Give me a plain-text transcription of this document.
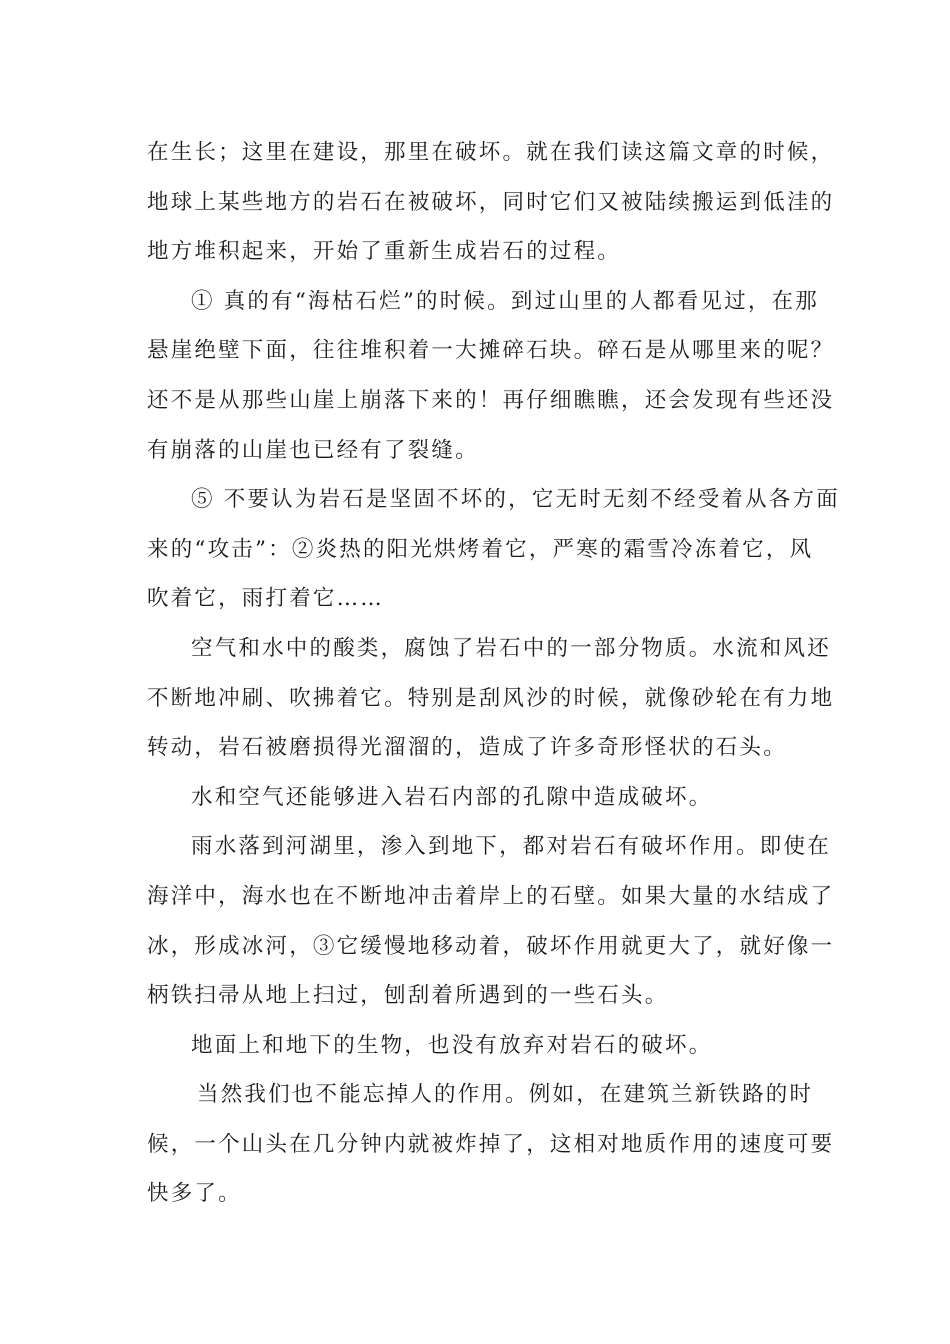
在生长；这里在建设，那里在破坏。就在我们读这篇文章的时候，
地球上某些地方的岩石在被破坏，同时它们又被陆续搬运到低洼的
地方堆积起来，开始了重新生成岩石的过程。
① 真的有“海枯石烂”的时候。到过山里的人都看见过，在那
悬崖绝壁下面，往往堆积着一大摊碎石块。碎石是从哪里来的呢？
还不是从那些山崖上崩落下来的！再仔细瞧瞧，还会发现有些还没
有崩落的山崖也已经有了裂缝。
⑤ 不要认为岩石是坚固不坏的，它无时无刻不经受着从各方面
来的“攻击”：②炎热的阳光烘烤着它，严寒的霜雪冷冻着它，风
吹着它，雨打着它……
空气和水中的酸类，腐蚀了岩石中的一部分物质。水流和风还
不断地冲刷、吹拂着它。特别是刮风沙的时候，就像砂轮在有力地
转动，岩石被磨损得光溜溜的，造成了许多奇形怪状的石头。
水和空气还能够进入岩石内部的孔隙中造成破坏。
雨水落到河湖里，渗入到地下，都对岩石有破坏作用。即使在
海洋中，海水也在不断地冲击着岸上的石壁。如果大量的水结成了
冰，形成冰河，③它缓慢地移动着，破坏作用就更大了，就好像一
柄铁扫帚从地上扫过，刨刮着所遇到的一些石头。
地面上和地下的生物，也没有放弃对岩石的破坏。
当然我们也不能忘掉人的作用。例如，在建筑兰新铁路的时
候，一个山头在几分钟内就被炸掉了，这相对地质作用的速度可要
快多了。
